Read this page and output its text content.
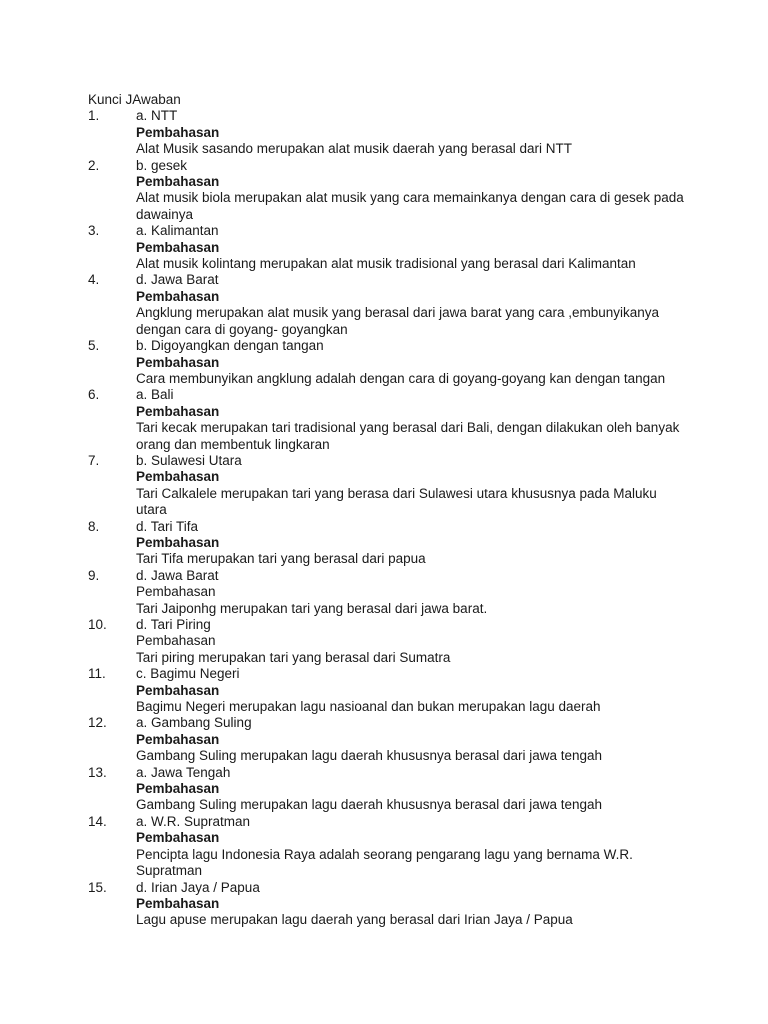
Kunci JAwaban
1.	a. NTT
Pembahasan
Alat Musik sasando merupakan alat musik daerah yang berasal dari NTT
2.	b. gesek
Pembahasan
Alat musik biola merupakan alat musik yang cara memainkanya dengan cara di gesek pada dawainya
3.	a. Kalimantan
Pembahasan
Alat musik kolintang merupakan alat musik tradisional yang berasal dari Kalimantan
4.	d. Jawa Barat
Pembahasan
Angklung merupakan alat musik yang berasal dari jawa barat yang cara ,embunyikanya dengan cara di goyang- goyangkan
5.	b. Digoyangkan dengan tangan
Pembahasan
Cara membunyikan angklung adalah dengan cara di goyang-goyang kan dengan tangan
6.	a. Bali
Pembahasan
Tari kecak merupakan tari tradisional yang berasal dari Bali, dengan dilakukan oleh banyak orang dan membentuk lingkaran
7.	b. Sulawesi Utara
Pembahasan
Tari Calkalele merupakan tari yang berasa dari Sulawesi utara khususnya pada Maluku utara
8.	d. Tari Tifa
Pembahasan
Tari Tifa merupakan tari yang berasal dari papua
9.	d. Jawa Barat
Pembahasan
Tari Jaiponhg merupakan tari yang berasal dari jawa barat.
10.	d. Tari Piring
Pembahasan
Tari piring merupakan tari yang berasal dari Sumatra
11.	c. Bagimu Negeri
Pembahasan
Bagimu Negeri merupakan lagu nasioanal dan bukan merupakan lagu daerah
12.	a. Gambang Suling
Pembahasan
Gambang Suling merupakan lagu daerah khususnya berasal dari jawa tengah
13.	a. Jawa Tengah
Pembahasan
Gambang Suling merupakan lagu daerah khususnya berasal dari jawa tengah
14.	a. W.R. Supratman
Pembahasan
Pencipta lagu Indonesia Raya adalah seorang pengarang lagu yang bernama W.R. Supratman
15.	d. Irian Jaya / Papua
Pembahasan
Lagu apuse merupakan lagu daerah yang berasal dari Irian Jaya / Papua
